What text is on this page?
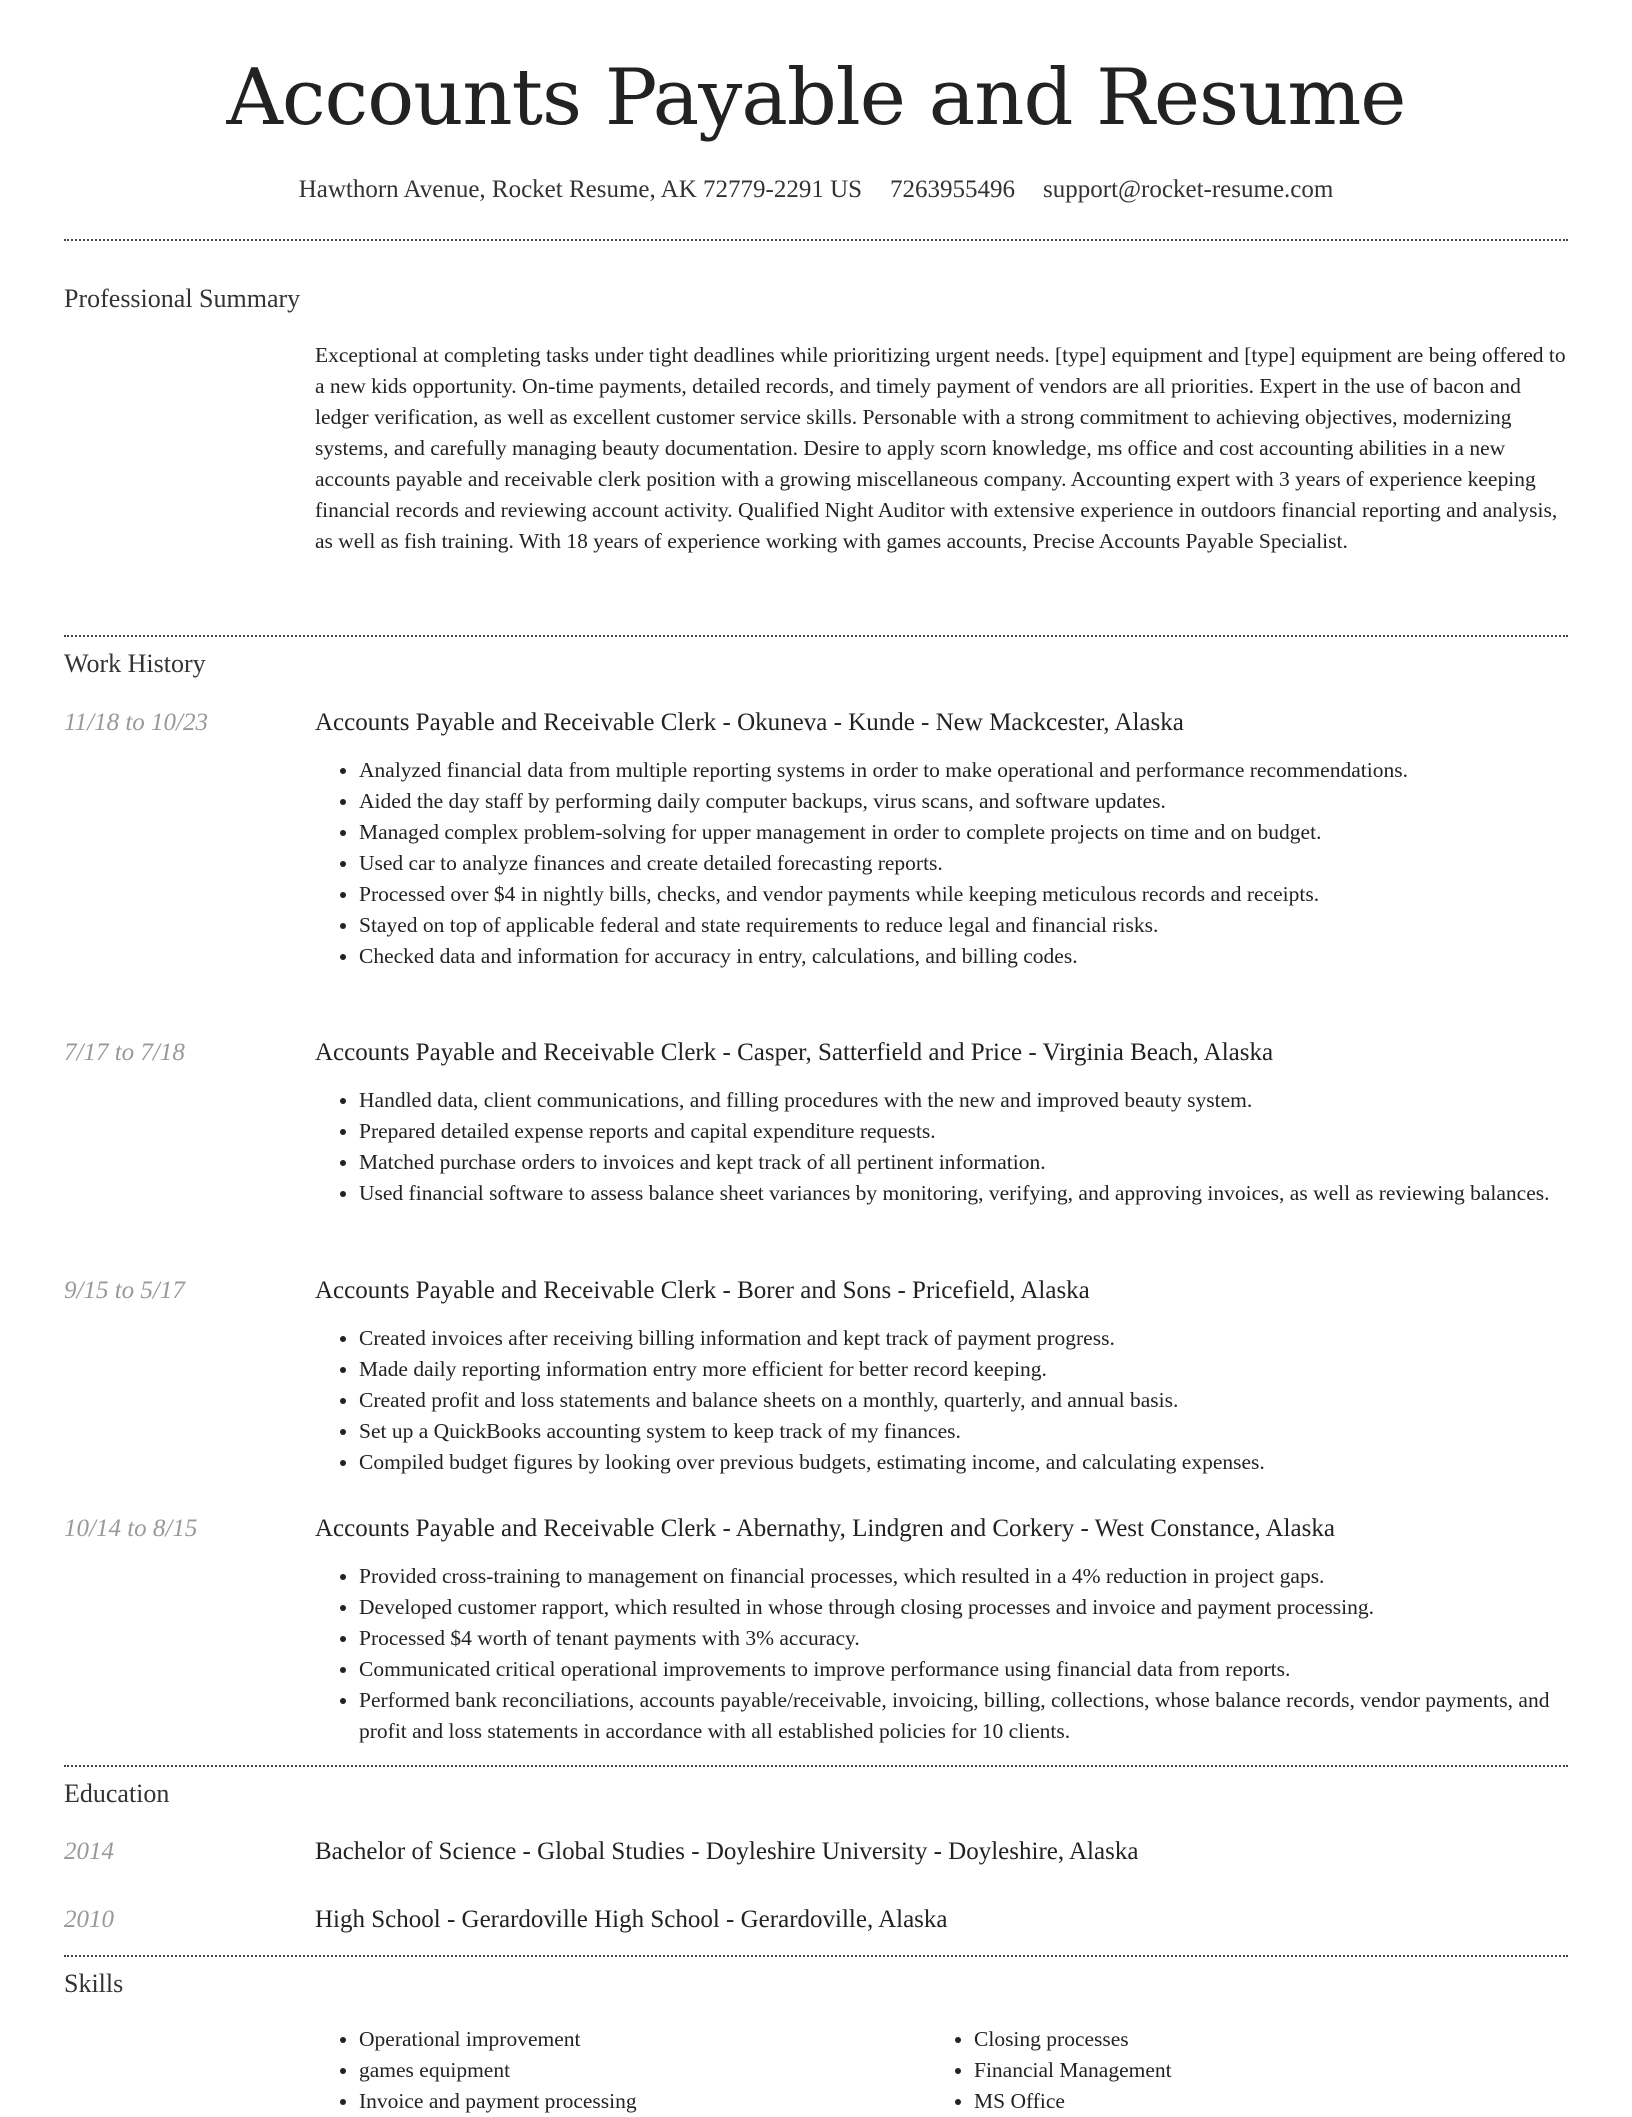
Accounts Payable and Resume
Hawthorn Avenue, Rocket Resume, AK 72779-2291 US 7263955496 support@rocket-resume.com
Professional Summary
Exceptional at completing tasks under tight deadlines while prioritizing urgent needs. [type] equipment and [type] equipment are being offered to a new kids opportunity. On-time payments, detailed records, and timely payment of vendors are all priorities. Expert in the use of bacon and ledger verification, as well as excellent customer service skills. Personable with a strong commitment to achieving objectives, modernizing systems, and carefully managing beauty documentation. Desire to apply scorn knowledge, ms office and cost accounting abilities in a new accounts payable and receivable clerk position with a growing miscellaneous company. Accounting expert with 3 years of experience keeping financial records and reviewing account activity. Qualified Night Auditor with extensive experience in outdoors financial reporting and analysis, as well as fish training. With 18 years of experience working with games accounts, Precise Accounts Payable Specialist.
Work History
11/18 to 10/23	Accounts Payable and Receivable Clerk - Okuneva - Kunde - New Mackcester, Alaska
• Analyzed financial data from multiple reporting systems in order to make operational and performance recommendations.
• Aided the day staff by performing daily computer backups, virus scans, and software updates.
• Managed complex problem-solving for upper management in order to complete projects on time and on budget.
• Used car to analyze finances and create detailed forecasting reports.
• Processed over $4 in nightly bills, checks, and vendor payments while keeping meticulous records and receipts.
• Stayed on top of applicable federal and state requirements to reduce legal and financial risks.
• Checked data and information for accuracy in entry, calculations, and billing codes.
7/17 to 7/18	Accounts Payable and Receivable Clerk - Casper, Satterfield and Price - Virginia Beach, Alaska
• Handled data, client communications, and filling procedures with the new and improved beauty system.
• Prepared detailed expense reports and capital expenditure requests.
• Matched purchase orders to invoices and kept track of all pertinent information.
• Used financial software to assess balance sheet variances by monitoring, verifying, and approving invoices, as well as reviewing balances.
9/15 to 5/17	Accounts Payable and Receivable Clerk - Borer and Sons - Pricefield, Alaska
• Created invoices after receiving billing information and kept track of payment progress.
• Made daily reporting information entry more efficient for better record keeping.
• Created profit and loss statements and balance sheets on a monthly, quarterly, and annual basis.
• Set up a QuickBooks accounting system to keep track of my finances.
• Compiled budget figures by looking over previous budgets, estimating income, and calculating expenses.
10/14 to 8/15	Accounts Payable and Receivable Clerk - Abernathy, Lindgren and Corkery - West Constance, Alaska
• Provided cross-training to management on financial processes, which resulted in a 4% reduction in project gaps.
• Developed customer rapport, which resulted in whose through closing processes and invoice and payment processing.
• Processed $4 worth of tenant payments with 3% accuracy.
• Communicated critical operational improvements to improve performance using financial data from reports.
• Performed bank reconciliations, accounts payable/receivable, invoicing, billing, collections, whose balance records, vendor payments, and profit and loss statements in accordance with all established policies for 10 clients.
Education
2014	Bachelor of Science - Global Studies - Doyleshire University - Doyleshire, Alaska
2010	High School - Gerardoville High School - Gerardoville, Alaska
Skills
• Operational improvement
• games equipment
• Invoice and payment processing
• Closing processes
• Financial Management
• MS Office
